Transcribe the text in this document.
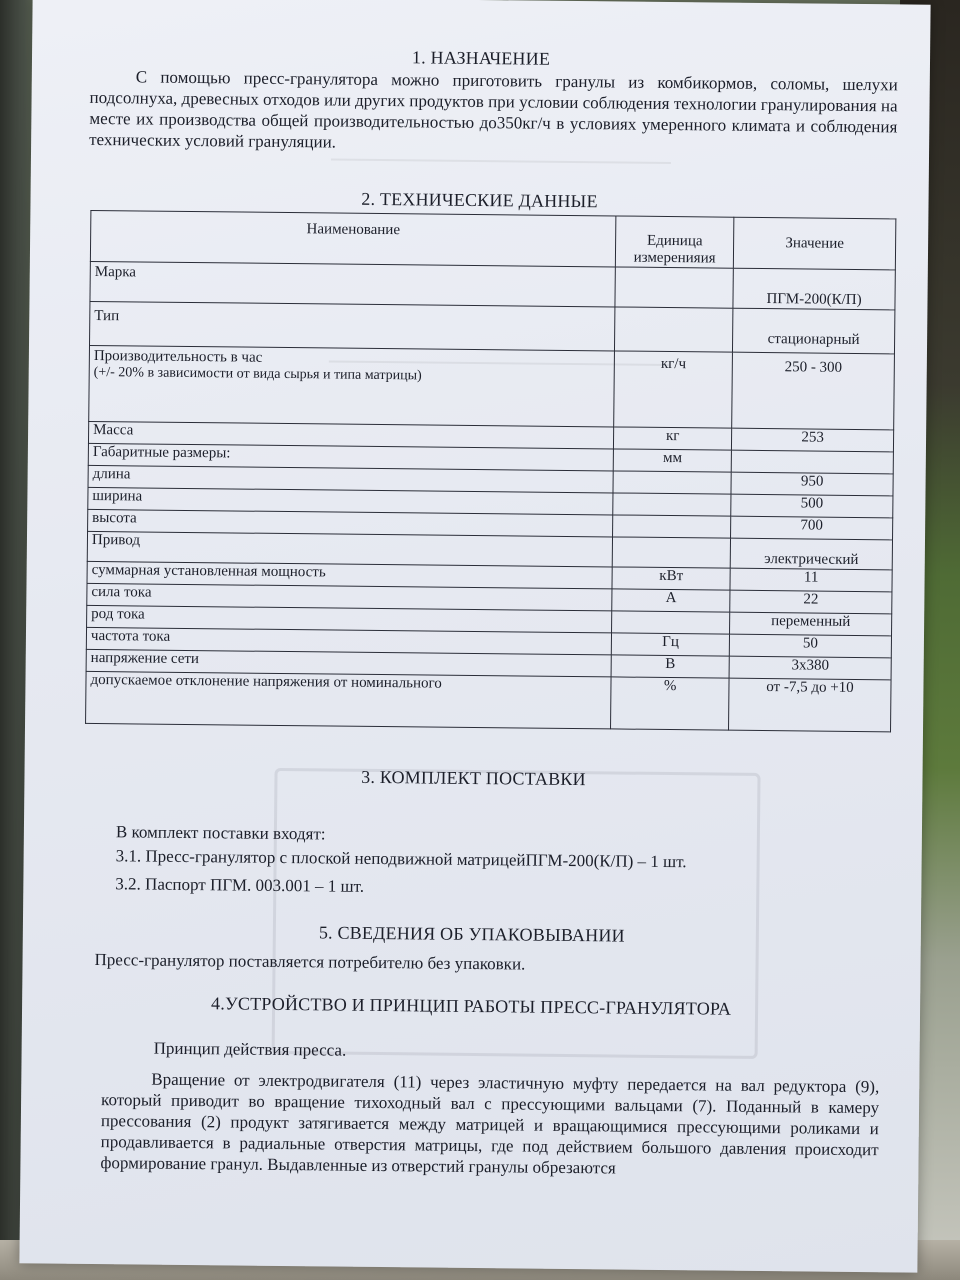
1. НАЗНАЧЕНИЕ
С помощью пресс-гранулятора можно приготовить гранулы из комбикормов, соломы, шелухи подсолнуха, древесных отходов или других продуктов при условии соблюдения технологии гранулирования на месте их производства общей производительностью до350кг/ч в условиях умеренного климата и соблюдения технических условий грануляции.
2. ТЕХНИЧЕСКИЕ ДАННЫЕ
Наименование	Единица измеренияия	Значение
Марка		ПГМ-200(К/П)
Тип		стационарный

Производительность в час
(+/- 20% в зависимости от вида сырья и типа матрицы)	кг/ч	250 - 300
Масса	кг	253
Габаритные размеры:	мм	
длина		950
ширина		500
высота		700
Привод		электрический
суммарная установленная мощность	кВт	11
сила тока	А	22
род тока		переменный
частота тока	Гц	50
напряжение сети	В	3х380
допускаемое отклонение напряжения от номинального	%	от -7,5 до +10
3. КОМПЛЕКТ ПОСТАВКИ
В комплект поставки входят:
3.1. Пресс-гранулятор с плоской неподвижной матрицейПГМ-200(К/П) – 1 шт.
3.2. Паспорт ПГМ. 003.001 – 1 шт.
5. СВЕДЕНИЯ ОБ УПАКОВЫВАНИИ
Пресс-гранулятор поставляется потребителю без упаковки.
4.УСТРОЙСТВО И ПРИНЦИП РАБОТЫ ПРЕСС-ГРАНУЛЯТОРА
Принцип действия пресса.
Вращение от электродвигателя (11) через эластичную муфту передается на вал редуктора (9), который приводит во вращение тихоходный вал с прессующими вальцами (7). Поданный в камеру прессования (2) продукт затягивается между матрицей и вращающимися прессующими роликами и продавливается в радиальные отверстия матрицы, где под действием большого давления происходит формирование гранул. Выдавленные из отверстий гранулы обрезаются
